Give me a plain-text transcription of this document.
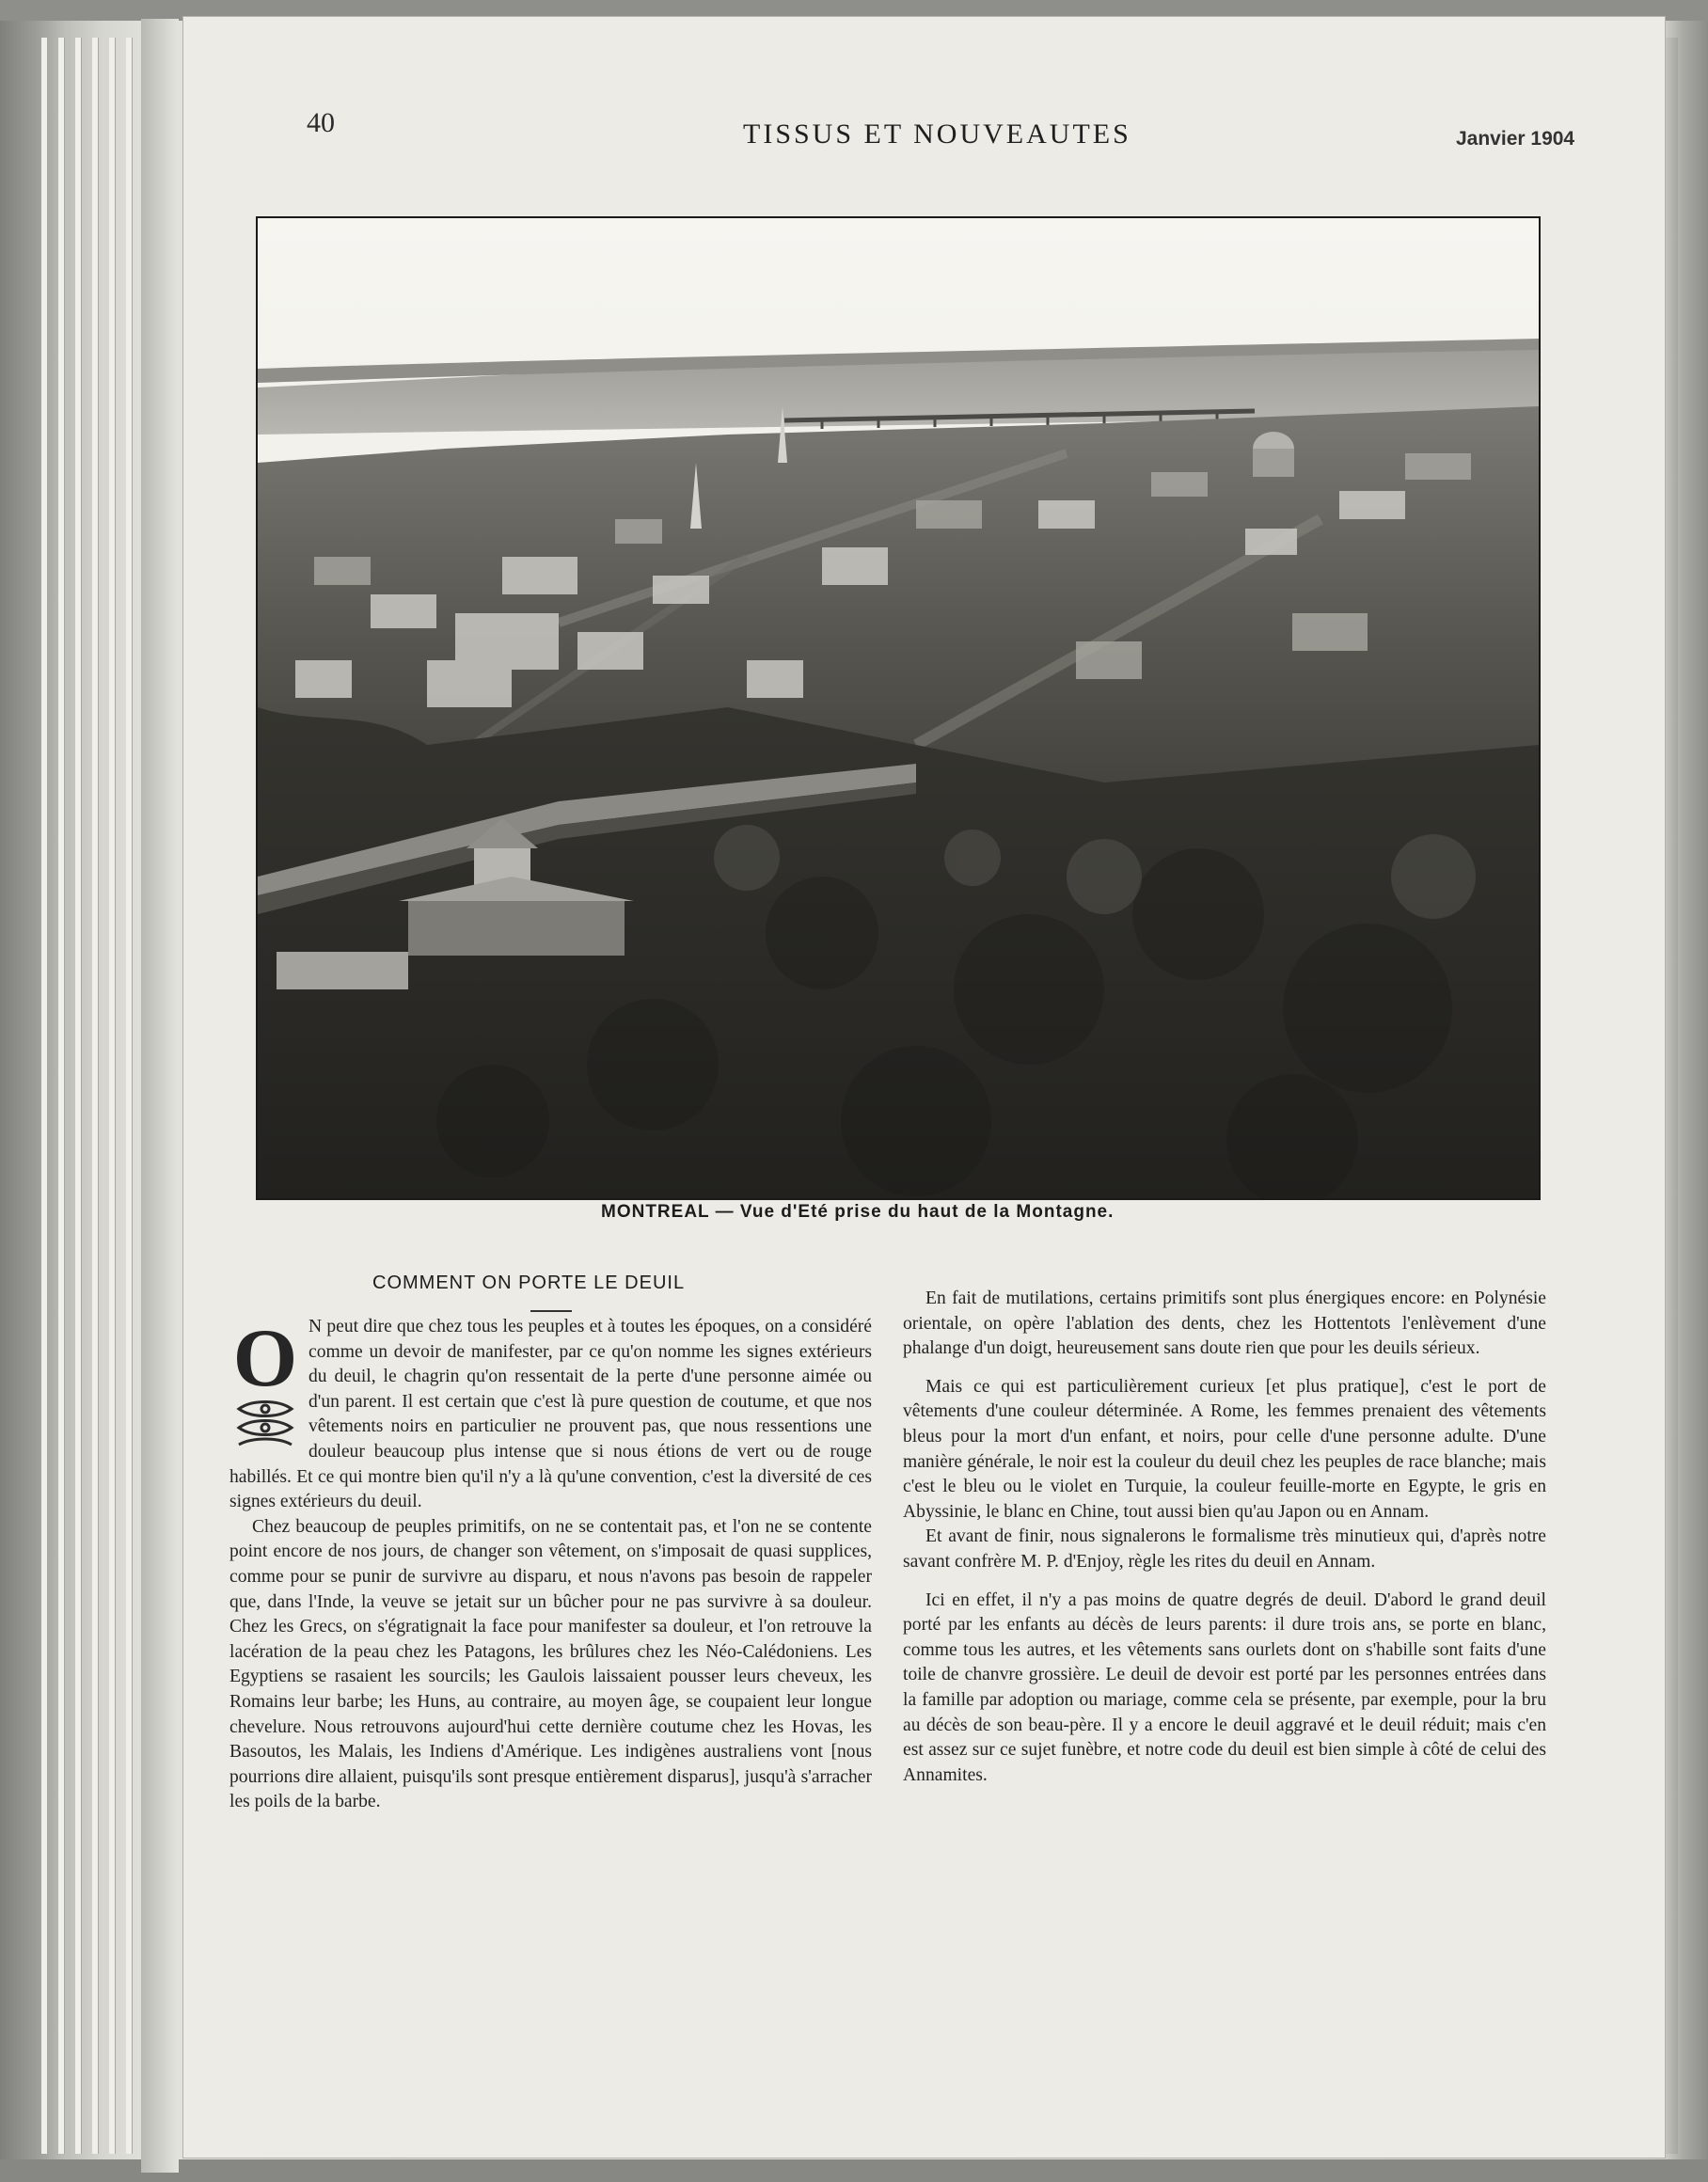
40	TISSUS ET NOUVEAUTES	Janvier 1904
MONTREAL — Vue d'Eté prise du haut de la Montagne.
COMMENT ON PORTE LE DEUIL
O N peut dire que chez tous les peuples et à toutes les époques, on a considéré comme un devoir de manifester, par ce qu'on nomme les signes extérieurs du deuil, le chagrin qu'on ressentait de la perte d'une personne aimée ou d'un parent. Il est certain que c'est là pure question de coutume, et que nos vêtements noirs en particulier ne prouvent pas, que nous ressentions une douleur beaucoup plus intense que si nous étions de vert ou de rouge habillés. Et ce qui montre bien qu'il n'y a là qu'une convention, c'est la diversité de ces signes extérieurs du deuil.

Chez beaucoup de peuples primitifs, on ne se contentait pas, et l'on ne se contente point encore de nos jours, de changer son vêtement, on s'imposait de quasi supplices, comme pour se punir de survivre au disparu, et nous n'avons pas besoin de rappeler que, dans l'Inde, la veuve se jetait sur un bûcher pour ne pas survivre à sa douleur. Chez les Grecs, on s'égratignait la face pour manifester sa douleur, et l'on retrouve la lacération de la peau chez les Patagons, les brûlures chez les Néo-Calédoniens. Les Egyptiens se rasaient les sourcils; les Gaulois laissaient pousser leurs cheveux, les Romains leur barbe; les Huns, au contraire, au moyen âge, se coupaient leur longue chevelure. Nous retrouvons aujourd'hui cette dernière coutume chez les Hovas, les Basoutos, les Malais, les Indiens d'Amérique. Les indigènes australiens vont [nous pourrions dire allaient, puisqu'ils sont presque entièrement disparus], jusqu'à s'arracher les poils de la barbe.

En fait de mutilations, certains primitifs sont plus énergiques encore: en Polynésie orientale, on opère l'ablation des dents, chez les Hottentots l'enlèvement d'une phalange d'un doigt, heureusement sans doute rien que pour les deuils sérieux.

Mais ce qui est particulièrement curieux [et plus pratique], c'est le port de vêtements d'une couleur déterminée. A Rome, les femmes prenaient des vêtements bleus pour la mort d'un enfant, et noirs, pour celle d'une personne adulte. D'une manière générale, le noir est la couleur du deuil chez les peuples de race blanche; mais c'est le bleu ou le violet en Turquie, la couleur feuille-morte en Egypte, le gris en Abyssinie, le blanc en Chine, tout aussi bien qu'au Japon ou en Annam.

Et avant de finir, nous signalerons le formalisme très minutieux qui, d'après notre savant confrère M. P. d'Enjoy, règle les rites du deuil en Annam.

Ici en effet, il n'y a pas moins de quatre degrés de deuil. D'abord le grand deuil porté par les enfants au décès de leurs parents: il dure trois ans, se porte en blanc, comme tous les autres, et les vêtements sans ourlets dont on s'habille sont faits d'une toile de chanvre grossière. Le deuil de devoir est porté par les personnes entrées dans la famille par adoption ou mariage, comme cela se présente, par exemple, pour la bru au décès de son beau-père. Il y a encore le deuil aggravé et le deuil réduit; mais c'en est assez sur ce sujet funèbre, et notre code du deuil est bien simple à côté de celui des Annamites.
